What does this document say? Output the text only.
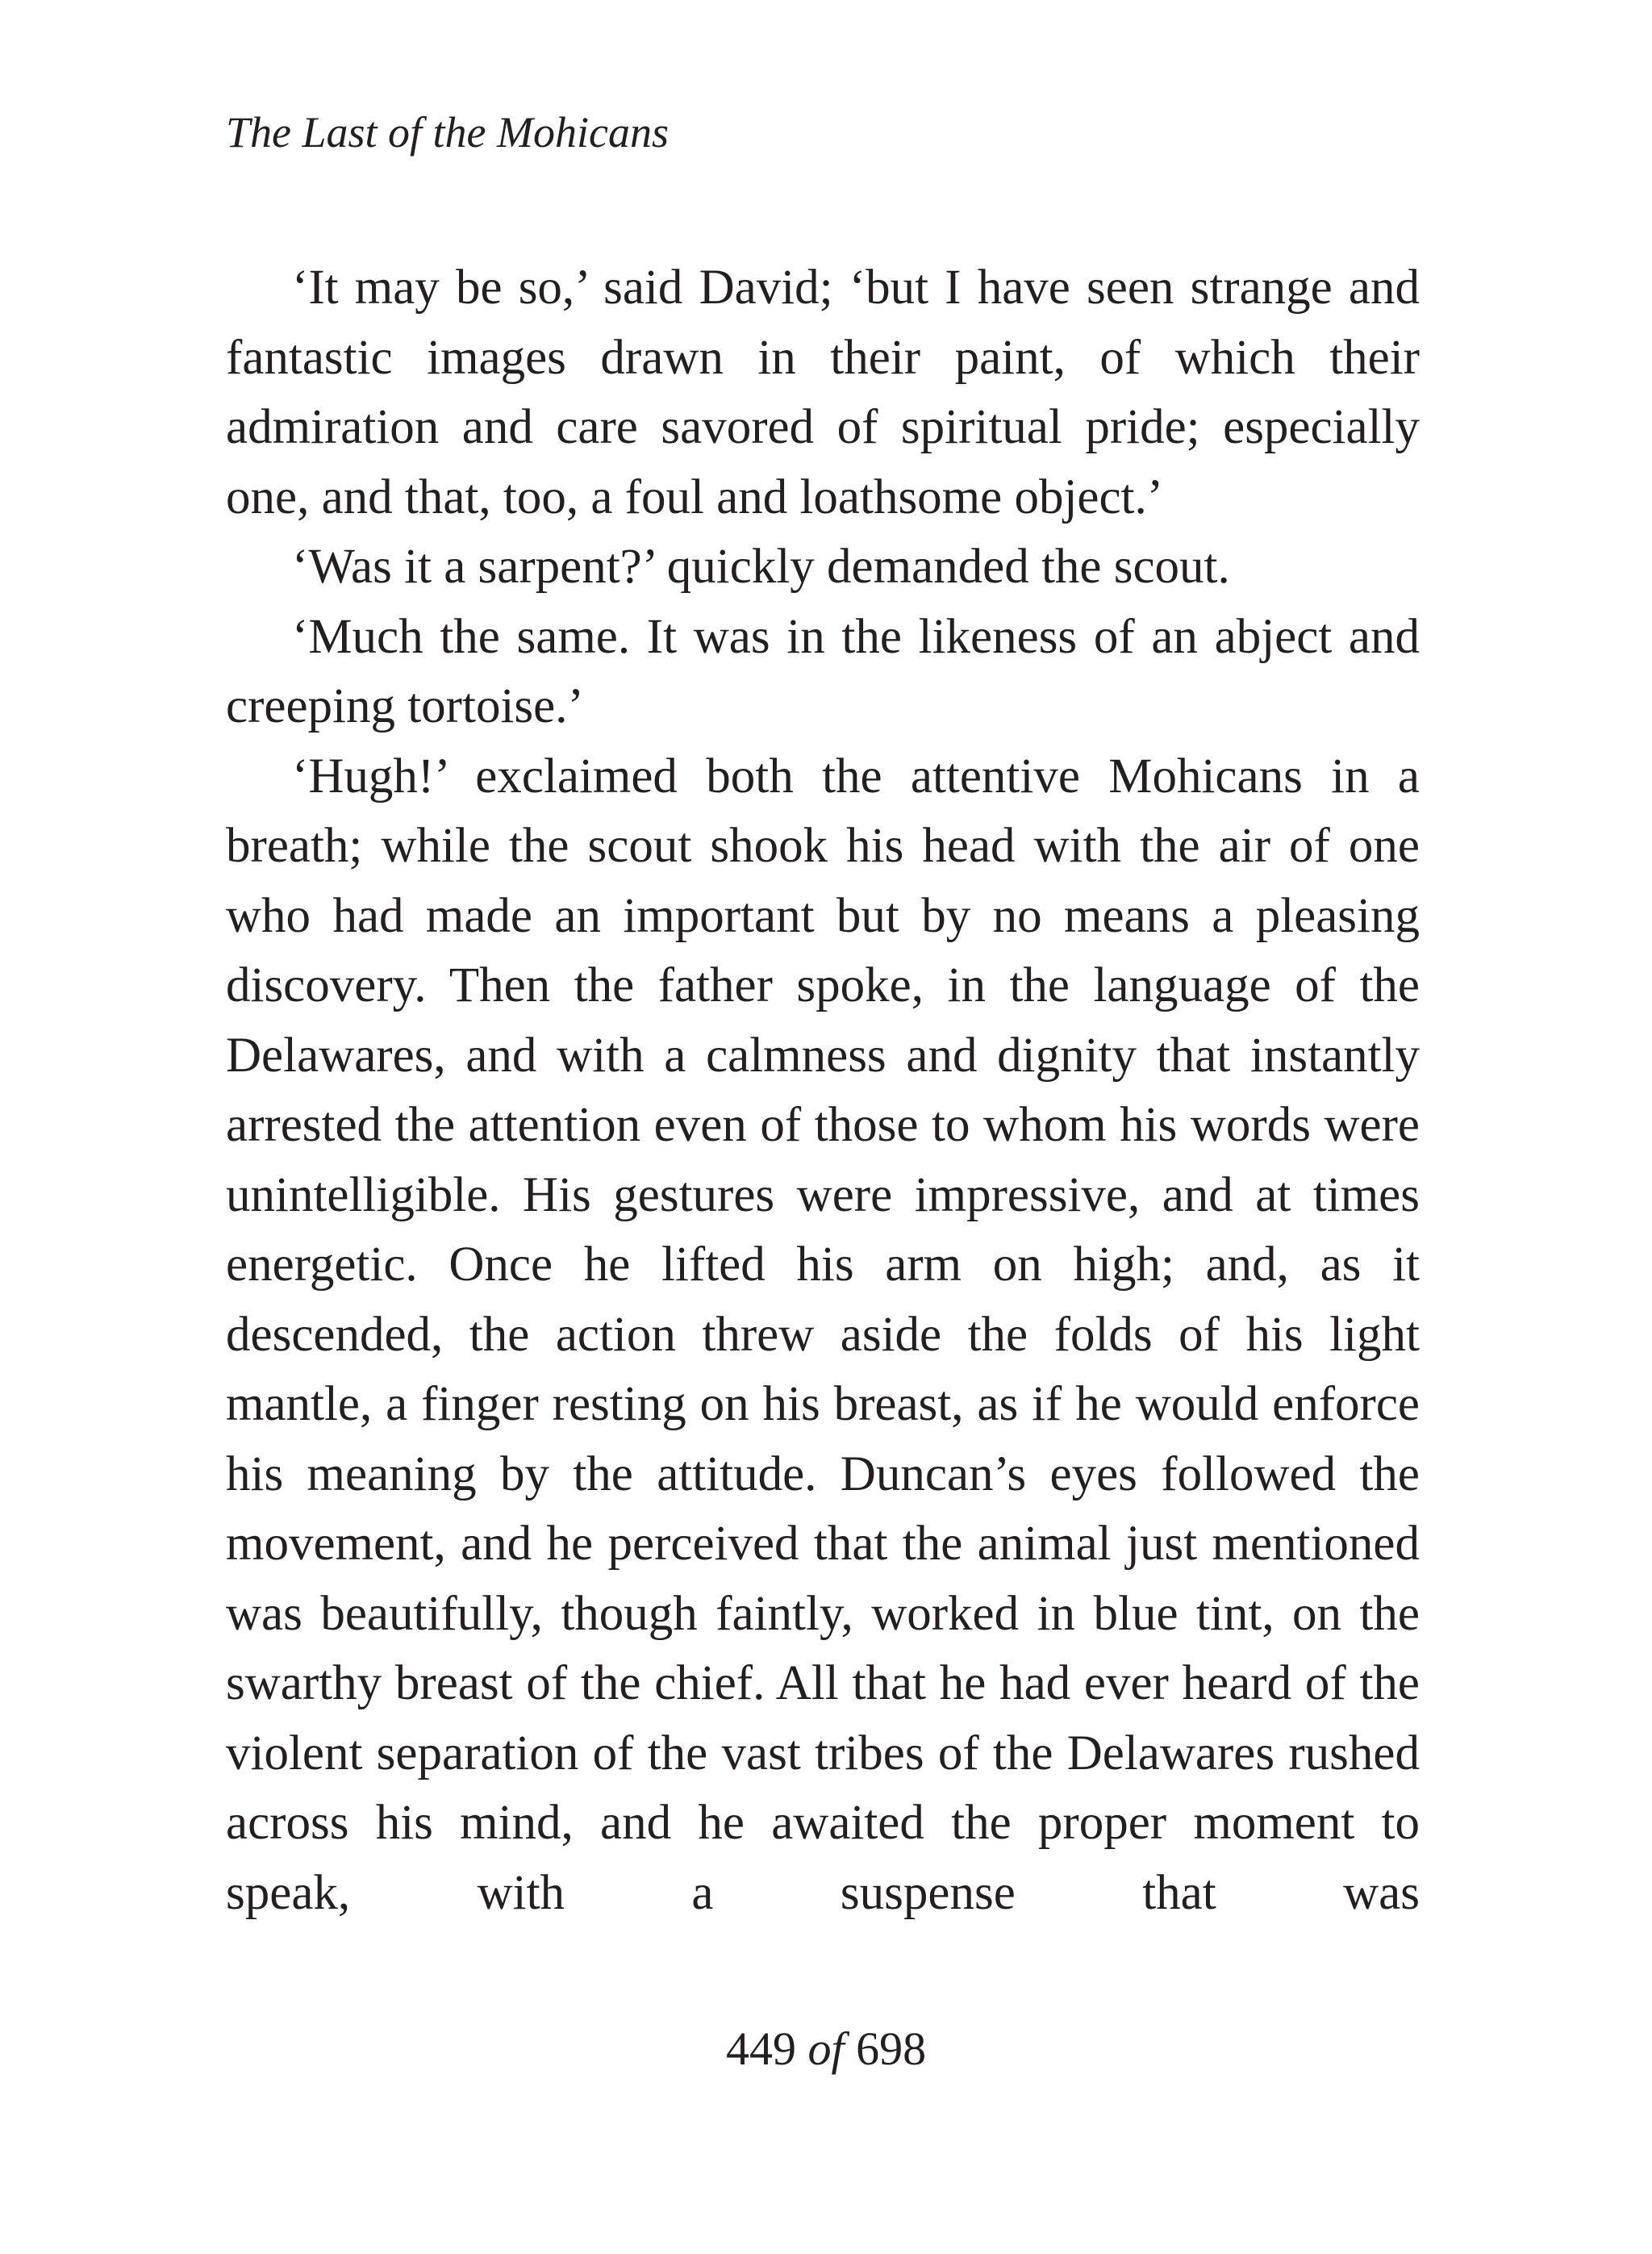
The Last of the Mohicans

‘It may be so,’ said David; ‘but I have seen strange and fantastic images drawn in their paint, of which their admiration and care savored of spiritual pride; especially one, and that, too, a foul and loathsome object.’

‘Was it a sarpent?’ quickly demanded the scout.

‘Much the same. It was in the likeness of an abject and creeping tortoise.’

‘Hugh!’ exclaimed both the attentive Mohicans in a breath; while the scout shook his head with the air of one who had made an important but by no means a pleasing discovery. Then the father spoke, in the language of the Delawares, and with a calmness and dignity that instantly arrested the attention even of those to whom his words were unintelligible. His gestures were impressive, and at times energetic. Once he lifted his arm on high; and, as it descended, the action threw aside the folds of his light mantle, a finger resting on his breast, as if he would enforce his meaning by the attitude. Duncan’s eyes followed the movement, and he perceived that the animal just mentioned was beautifully, though faintly, worked in blue tint, on the swarthy breast of the chief. All that he had ever heard of the violent separation of the vast tribes of the Delawares rushed across his mind, and he awaited the proper moment to speak, with a suspense that was

449 of 698
